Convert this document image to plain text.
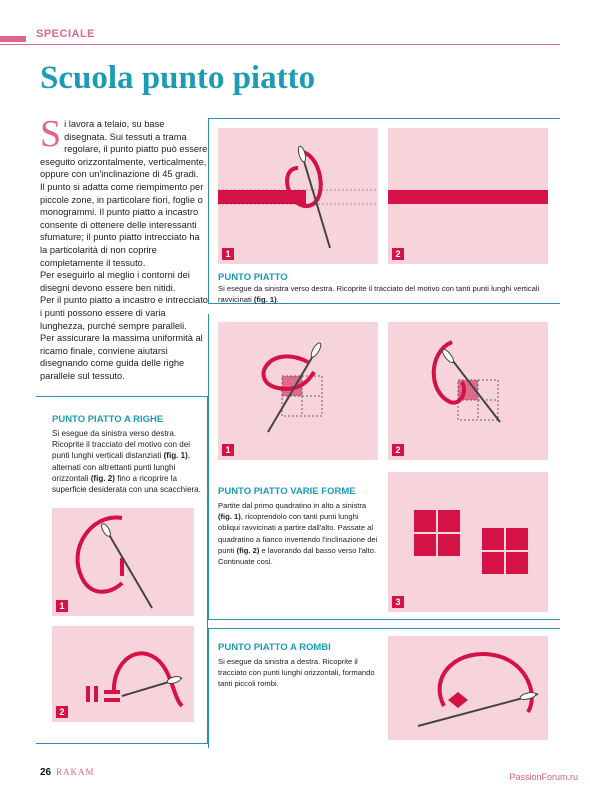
SPECIALE
Scuola punto piatto
S i lavora a telaio, su base disegnata. Sui tessuti a trama regolare, il punto piatto può essere eseguito orizzontalmente, verticalmente, oppure con un'inclinazione di 45 gradi.

Il punto si adatta come riempimento per piccole zone, in particolare fiori, foglie o monogrammi. Il punto piatto a incastro consente di ottenere delle interessanti sfumature; il punto piatto intrecciato ha la particolarità di non coprire completamente il tessuto.

Per eseguirlo al meglio i contorni dei disegni devono essere ben nitidi.

Per il punto piatto a incastro e intrecciato i punti possono essere di varia lunghezza, purché sempre paralleli.

Per assicurare la massima uniformità al ricamo finale, conviene aiutarsi disegnando come guida delle righe parallele sul tessuto.

PUNTO PIATTO A RIGHE
Si esegue da sinistra verso destra. Ricoprite il tracciato del motivo con dei punti lunghi verticali distanziati (fig. 1), alternati con altrettanti punti lunghi orizzontali (fig. 2) fino a ricoprire la superficie desiderata con una scacchiera.
1
2
1	2
PUNTO PIATTO
Si esegue da sinistra verso destra. Ricoprite il tracciato del motivo con tanti punti lunghi verticali ravvicinati (fig. 1).
1	2
PUNTO PIATTO VARIE FORME
Partite dal primo quadratino in alto a sinistra (fig. 1), ricoprendolo con tanti punti lunghi obliqui ravvicinati a partire dall'alto. Passate al quadratino a fianco invertendo l'inclinazione dei punti (fig. 2) e lavorando dal basso verso l'alto. Continuate così.
3
PUNTO PIATTO A ROMBI
Si esegue da sinistra a destra. Ricoprite il tracciato con punti lunghi orizzontali, formando tanti piccoli rombi.
26 RAKAM	PassionForum.ru
